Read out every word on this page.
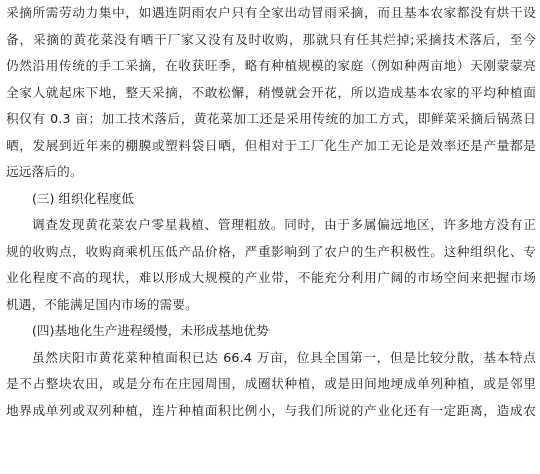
采摘所需劳动力集中，如遇连阴雨农户只有全家出动冒雨采摘，而且基本农家都没有烘干设
备，采摘的黄花菜没有晒干厂家又没有及时收购，那就只有任其烂掉;采摘技术落后，至今
仍然沿用传统的手工采摘，在收获旺季，略有种植规模的家庭（例如种两亩地）天刚蒙蒙亮
全家人就起床下地，整天采摘，不敢松懈，稍慢就会开花，所以造成基本农家的平均种植面
积仅有 0.3 亩；加工技术落后，黄花菜加工还是采用传统的加工方式，即鲜菜采摘后锅蒸日
晒，发展到近年来的棚膜或塑料袋日晒，但相对于工厂化生产加工无论是效率还是产量都是
远远落后的。
(三) 组织化程度低
调查发现黄花菜农户零星栽植、管理粗放。同时，由于多属偏远地区，许多地方没有正
规的收购点，收购商乘机压低产品价格，严重影响到了农户的生产积极性。这种组织化、专
业化程度不高的现状，难以形成大规模的产业带，不能充分利用广阔的市场空间来把握市场
机遇，不能满足国内市场的需要。
(四)基地化生产进程缓慢，未形成基地优势
虽然庆阳市黄花菜种植面积已达 66.4 万亩，位具全国第一，但是比较分散，基本特点
是不占整块农田，或是分布在庄园周围，成圈状种植，或是田间地埂成单列种植，或是邻里
地界成单列或双列种植，连片种植面积比例小，与我们所说的产业化还有一定距离，造成农
